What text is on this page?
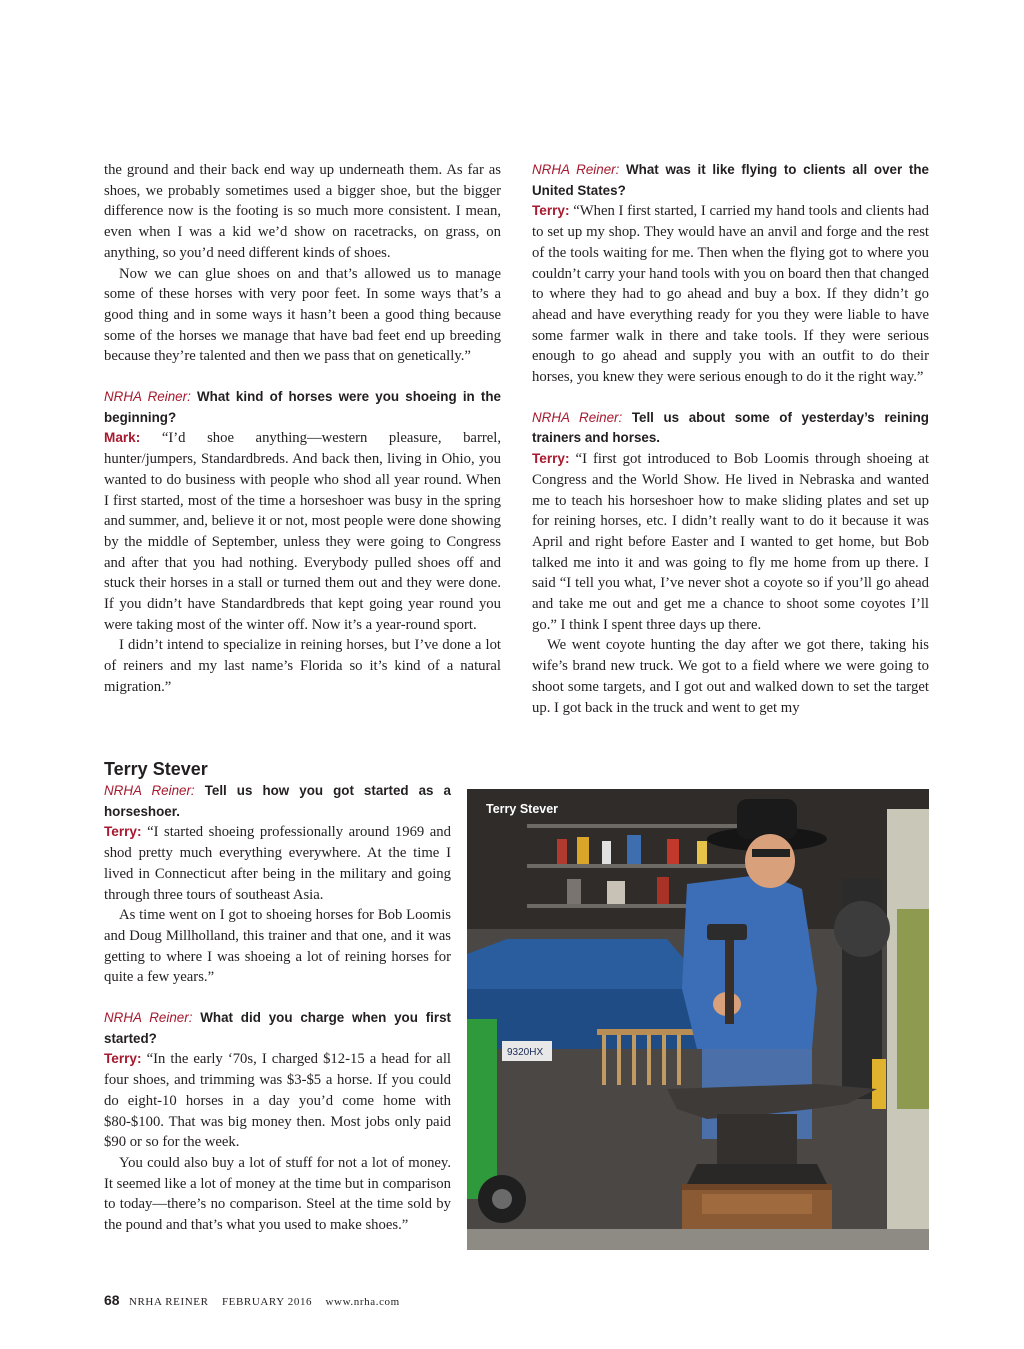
the ground and their back end way up underneath them. As far as shoes, we probably sometimes used a bigger shoe, but the bigger difference now is the footing is so much more consistent. I mean, even when I was a kid we’d show on racetracks, on grass, on anything, so you’d need different kinds of shoes.

Now we can glue shoes on and that’s allowed us to manage some of these horses with very poor feet. In some ways that’s a good thing and in some ways it hasn’t been a good thing because some of the horses we manage that have bad feet end up breeding because they’re talented and then we pass that on genetically.”

NRHA Reiner: What kind of horses were you shoeing in the beginning?

Mark: “I’d shoe anything—western pleasure, barrel, hunter/jumpers, Standardbreds. And back then, living in Ohio, you wanted to do business with people who shod all year round. When I first started, most of the time a horseshoer was busy in the spring and summer, and, believe it or not, most people were done showing by the middle of September, unless they were going to Congress and after that you had nothing. Everybody pulled shoes off and stuck their horses in a stall or turned them out and they were done. If you didn’t have Standardbreds that kept going year round you were taking most of the winter off. Now it’s a year-round sport.

I didn’t intend to specialize in reining horses, but I’ve done a lot of reiners and my last name’s Florida so it’s kind of a natural migration.”

Terry Stever

NRHA Reiner: Tell us how you got started as a horseshoer.

Terry: “I started shoeing professionally around 1969 and shod pretty much everything everywhere. At the time I lived in Connecticut after being in the military and going through three tours of southeast Asia.

As time went on I got to shoeing horses for Bob Loomis and Doug Millholland, this trainer and that one, and it was getting to where I was shoeing a lot of reining horses for quite a few years.”

NRHA Reiner: What did you charge when you first started?

Terry: “In the early ‘70s, I charged $12-15 a head for all four shoes, and trimming was $3-$5 a horse. If you could do eight-10 horses in a day you’d come home with $80-$100. That was big money then. Most jobs only paid $90 or so for the week.

You could also buy a lot of stuff for not a lot of money. It seemed like a lot of money at the time but in comparison to today—there’s no comparison. Steel at the time sold by the pound and that’s what you used to make shoes.”

NRHA Reiner: What was it like flying to clients all over the United States?

Terry: “When I first started, I carried my hand tools and clients had to set up my shop. They would have an anvil and forge and the rest of the tools waiting for me. Then when the flying got to where you couldn’t carry your hand tools with you on board then that changed to where they had to go ahead and buy a box. If they didn’t go ahead and have everything ready for you they were liable to have some farmer walk in there and take tools. If they were serious enough to go ahead and supply you with an outfit to do their horses, you knew they were serious enough to do it the right way.”

NRHA Reiner: Tell us about some of yesterday’s reining trainers and horses.

Terry: “I first got introduced to Bob Loomis through shoeing at Congress and the World Show. He lived in Nebraska and wanted me to teach his horseshoer how to make sliding plates and set up for reining horses, etc. I didn’t really want to do it because it was April and right before Easter and I wanted to get home, but Bob talked me into it and was going to fly me home from up there. I said “I tell you what, I’ve never shot a coyote so if you’ll go ahead and take me out and get me a chance to shoot some coyotes I’ll go.” I think I spent three days up there.

We went coyote hunting the day after we got there, taking his wife’s brand new truck. We got to a field where we were going to shoot some targets, and I got out and walked down to set the target up. I got back in the truck and went to get my

9320HX
Terry Stever
68 NRHA REINER FEBRUARY 2016 www.nrha.com
